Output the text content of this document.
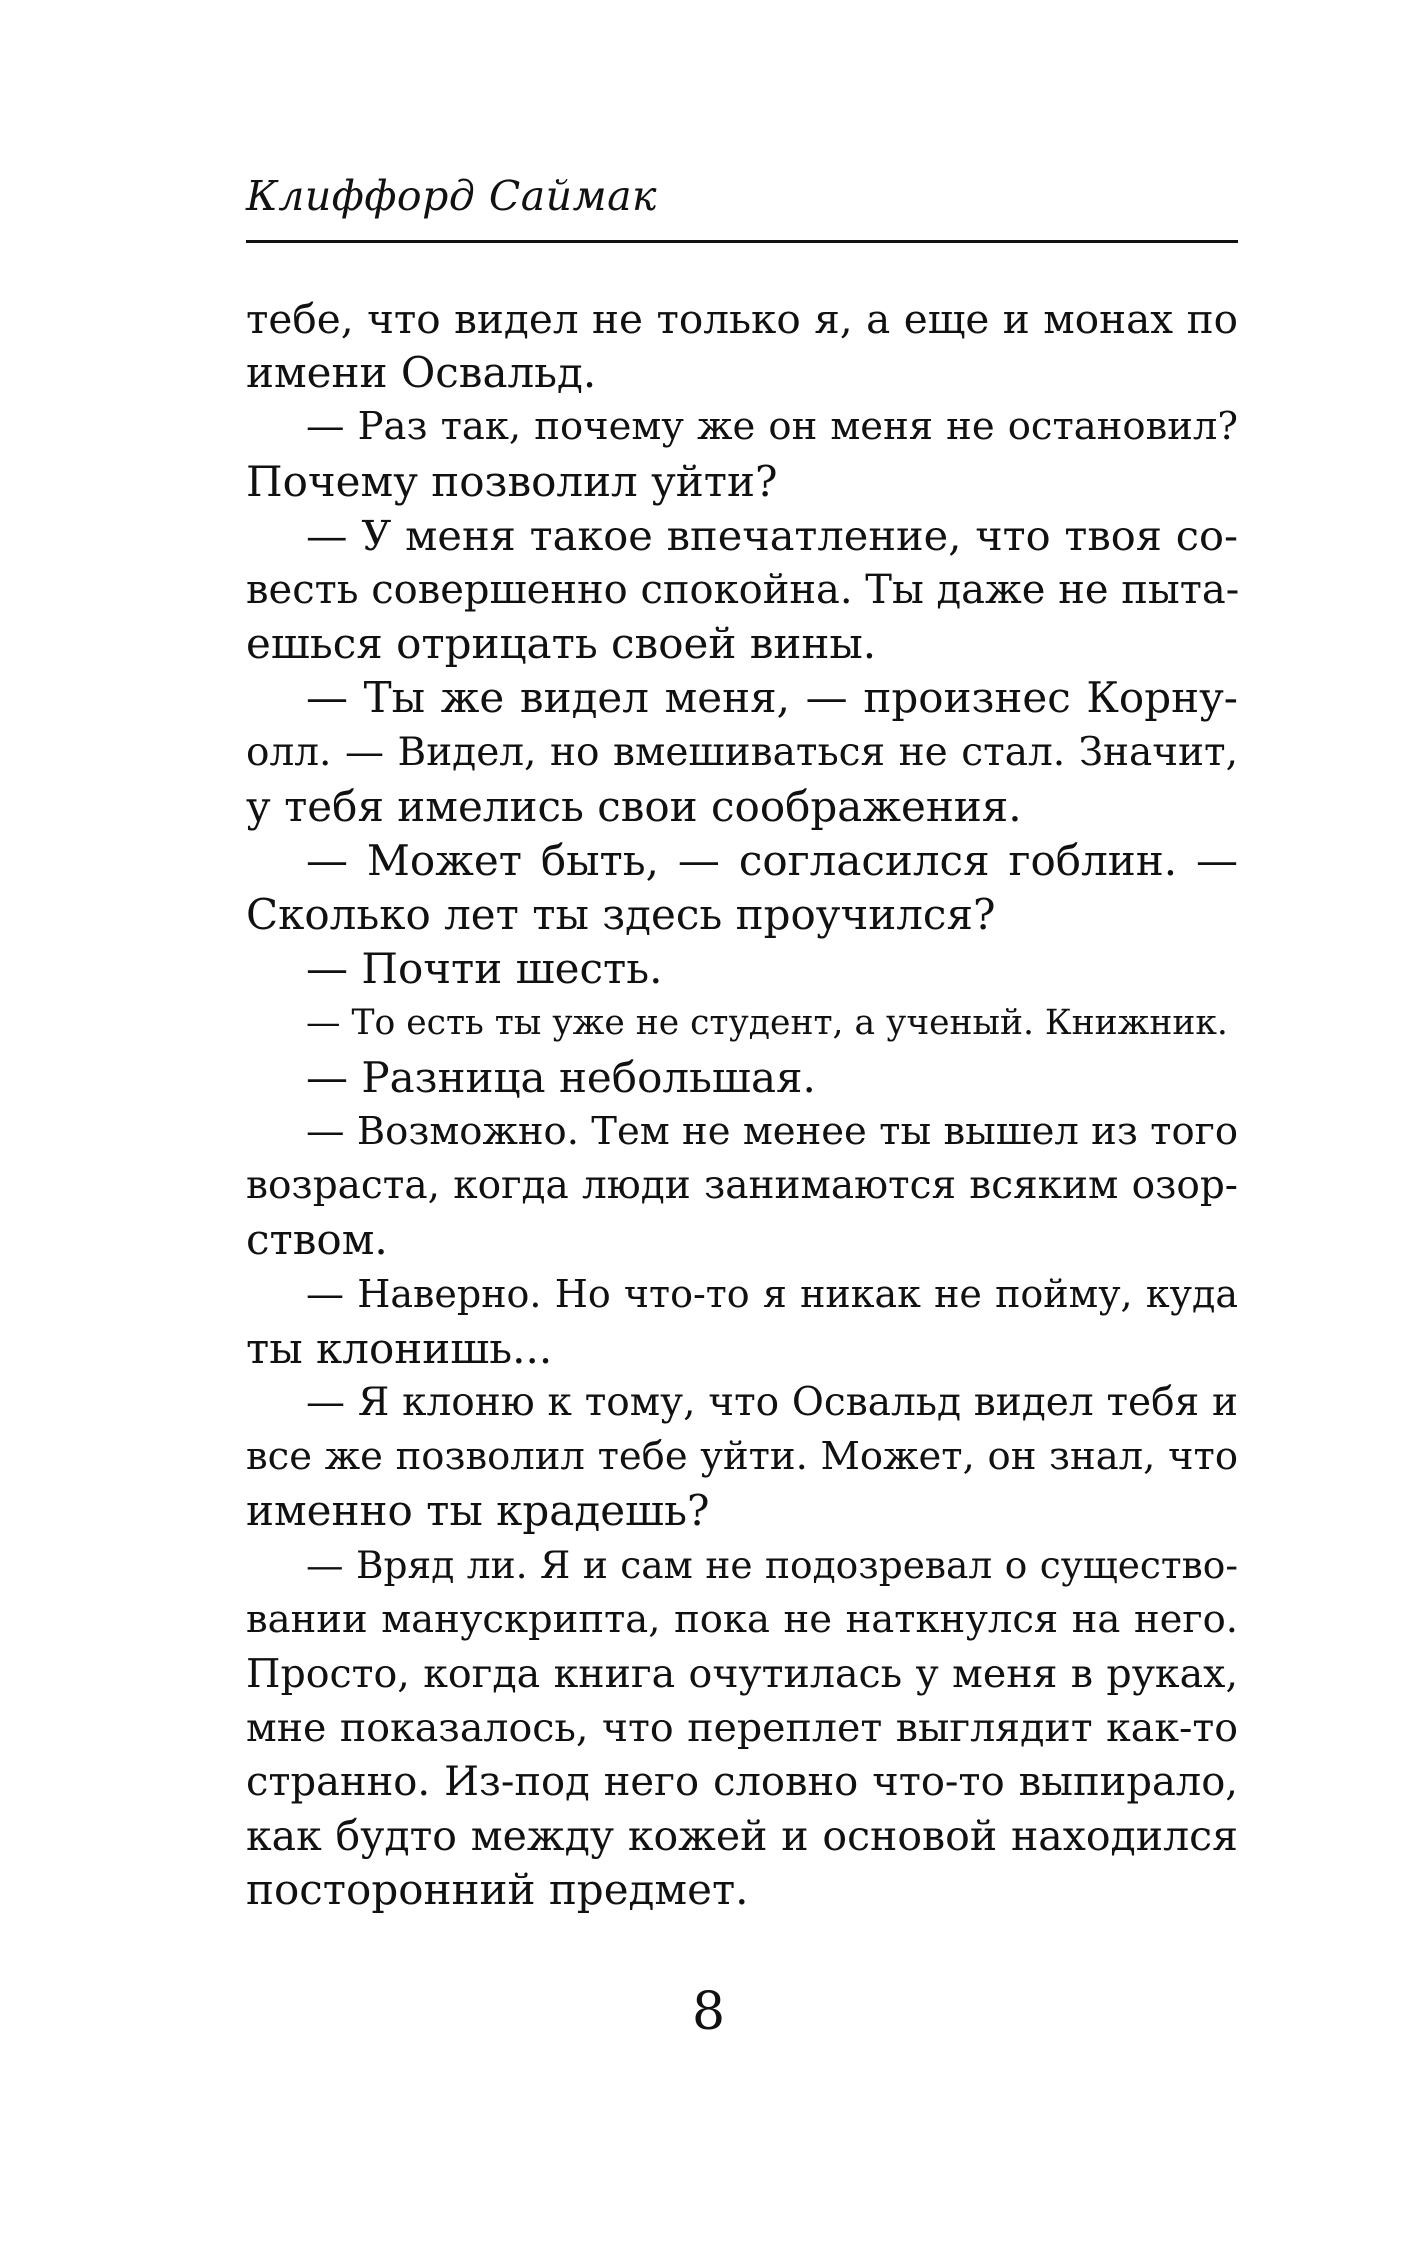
Клиффорд Саймак
тебе, что видел не только я, а еще и монах по
имени Освальд.
— Раз так, почему же он меня не остановил?
Почему позволил уйти?
— У меня такое впечатление, что твоя со-
весть совершенно спокойна. Ты даже не пыта-
ешься отрицать своей вины.
— Ты же видел меня, — произнес Корну-
олл. — Видел, но вмешиваться не стал. Значит,
у тебя имелись свои соображения.
— Может быть, — согласился гоблин. —
Сколько лет ты здесь проучился?
— Почти шесть.
— То есть ты уже не студент, а ученый. Книжник.
— Разница небольшая.
— Возможно. Тем не менее ты вышел из того
возраста, когда люди занимаются всяким озор-
ством.
— Наверно. Но что-то я никак не пойму, куда
ты клонишь...
— Я клоню к тому, что Освальд видел тебя и
все же позволил тебе уйти. Может, он знал, что
именно ты крадешь?
— Вряд ли. Я и сам не подозревал о существо-
вании манускрипта, пока не наткнулся на него.
Просто, когда книга очутилась у меня в руках,
мне показалось, что переплет выглядит как-то
странно. Из-под него словно что-то выпирало,
как будто между кожей и основой находился
посторонний предмет.
8
